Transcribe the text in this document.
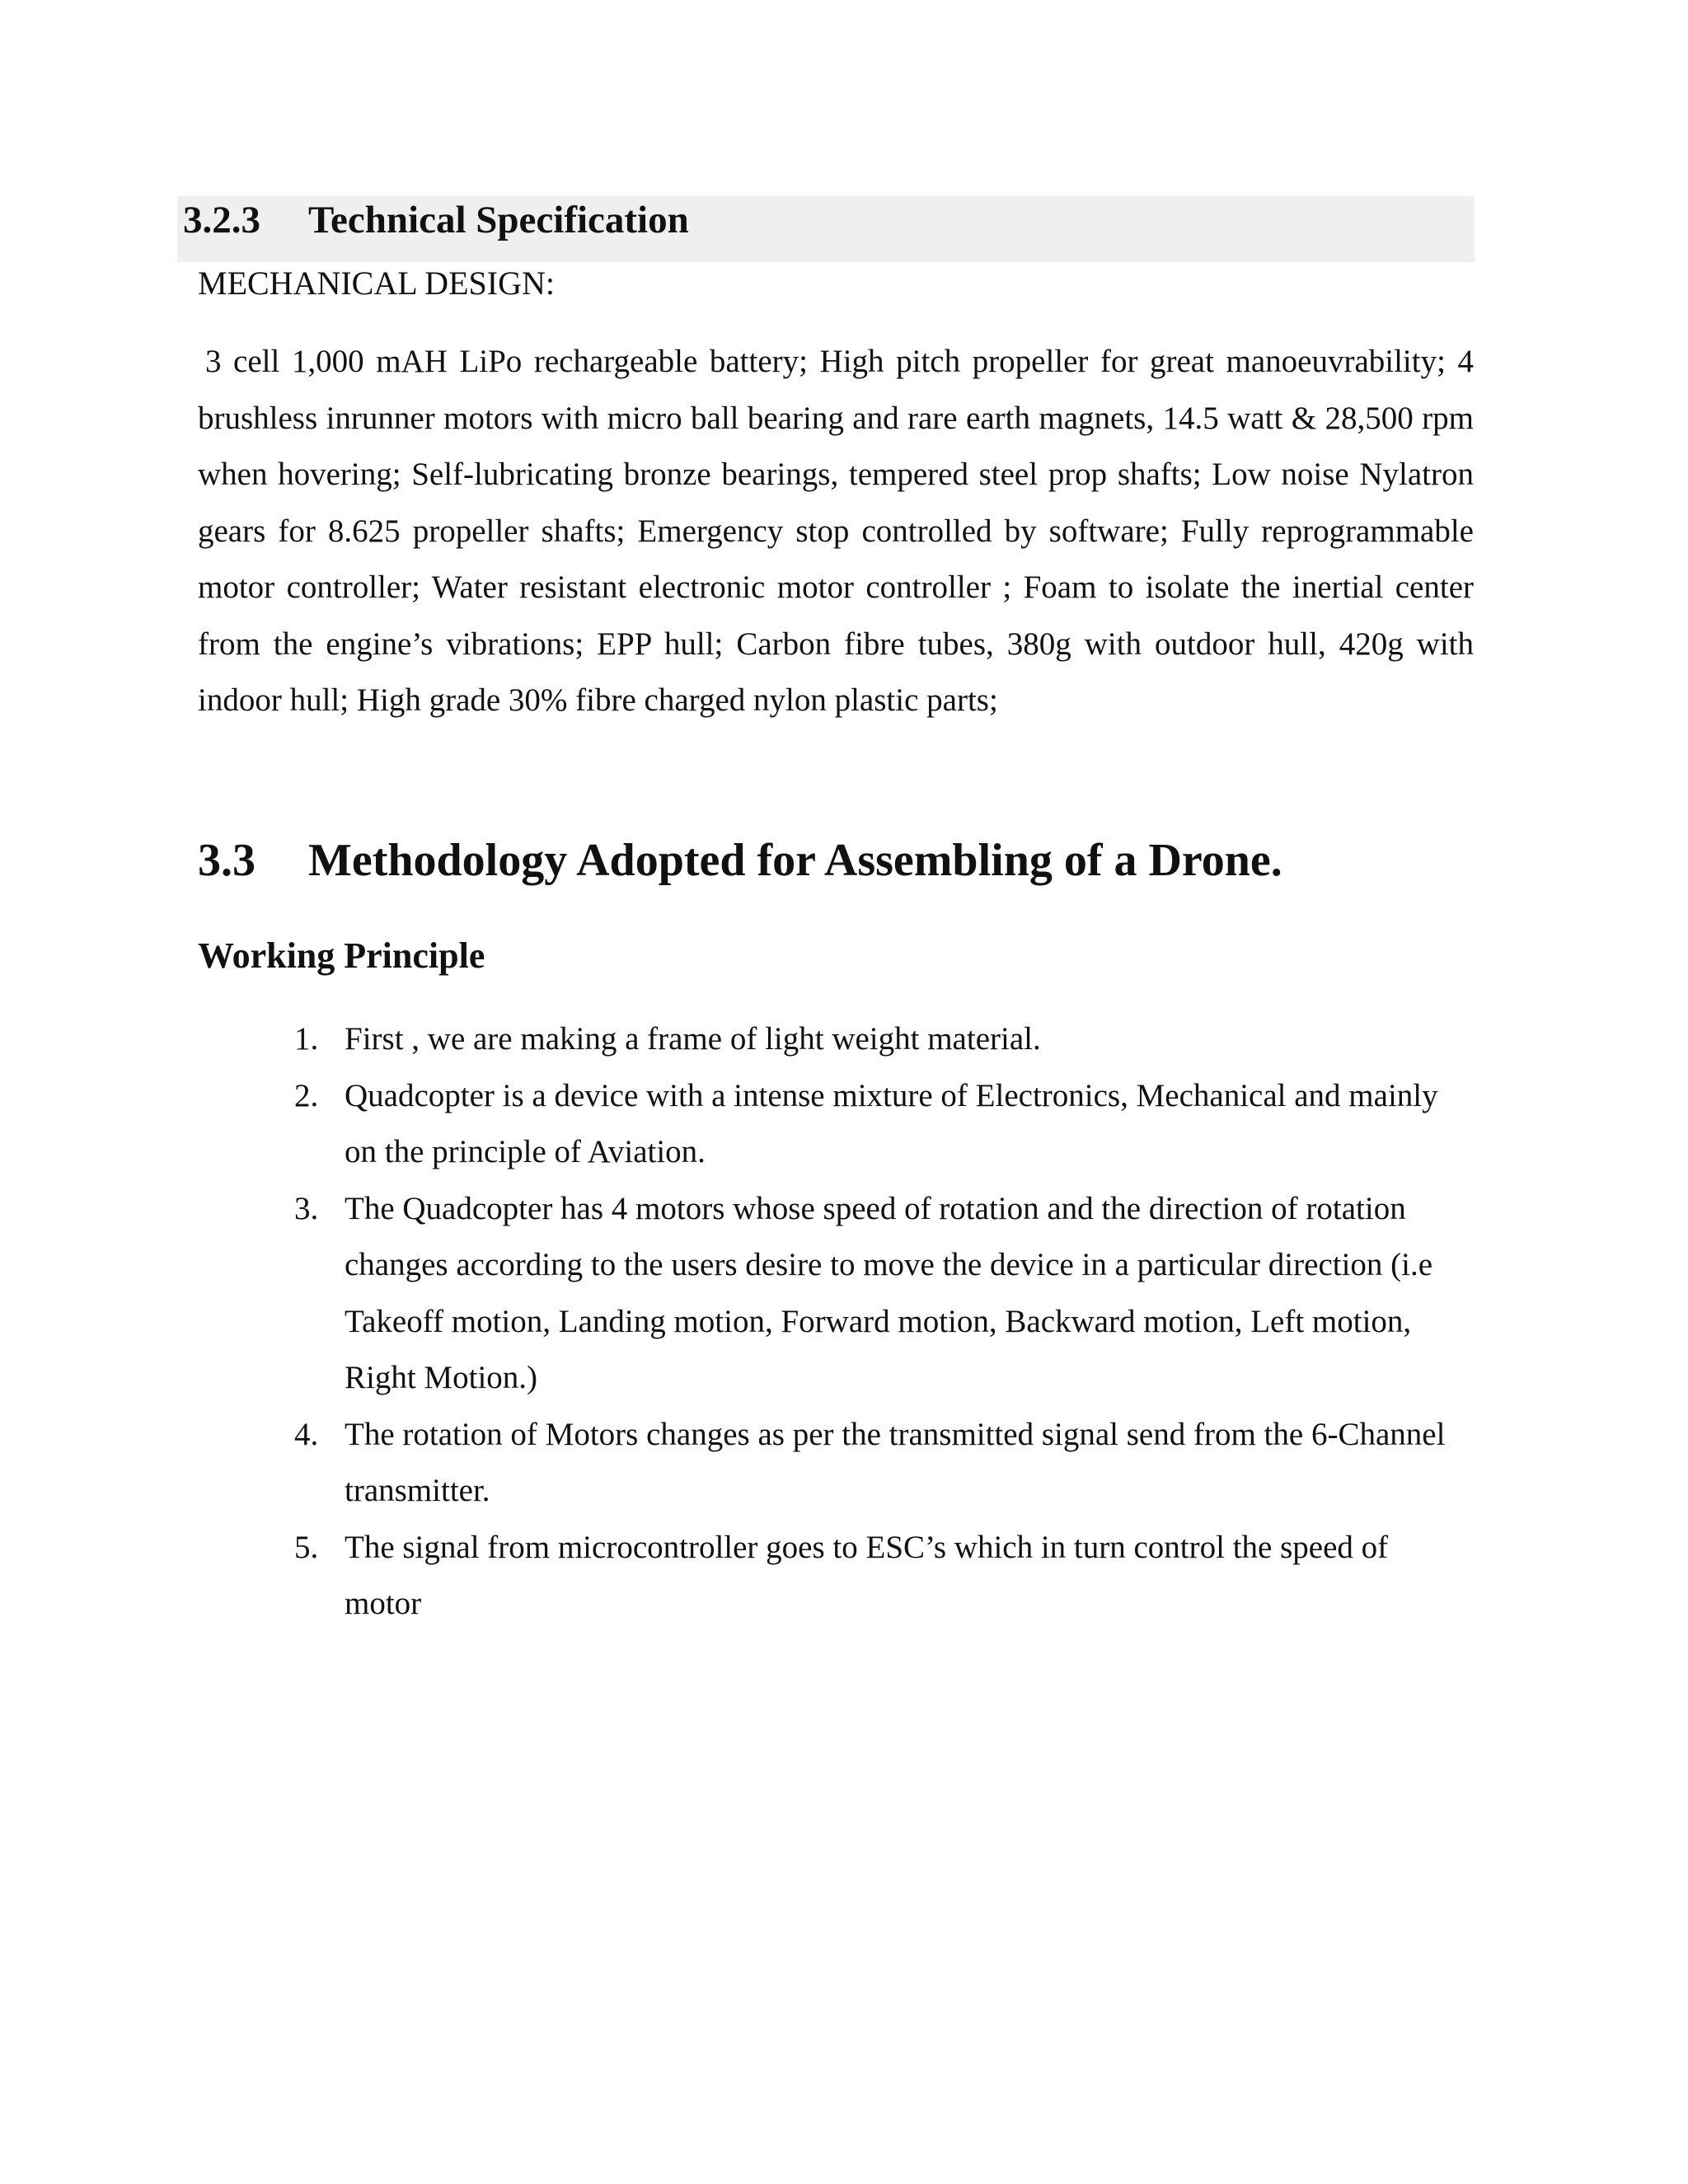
3.2.3 Technical Specification
MECHANICAL DESIGN:

3 cell 1,000 mAH LiPo rechargeable battery; High pitch propeller for great manoeuvrability; 4 brushless inrunner motors with micro ball bearing and rare earth magnets, 14.5 watt & 28,500 rpm when hovering; Self-lubricating bronze bearings, tempered steel prop shafts; Low noise Nylatron gears for 8.625 propeller shafts; Emergency stop controlled by software; Fully reprogrammable motor controller; Water resistant electronic motor controller ; Foam to isolate the inertial center from the engine’s vibrations; EPP hull; Carbon fibre tubes, 380g with outdoor hull, 420g with indoor hull; High grade 30% fibre charged nylon plastic parts;

3.3 Methodology Adopted for Assembling of a Drone.
Working Principle
1. First , we are making a frame of light weight material.
2. Quadcopter is a device with a intense mixture of Electronics, Mechanical and mainly on the principle of Aviation.
3. The Quadcopter has 4 motors whose speed of rotation and the direction of rotation changes according to the users desire to move the device in a particular direction (i.e Takeoff motion, Landing motion, Forward motion, Backward motion, Left motion, Right Motion.)
4. The rotation of Motors changes as per the transmitted signal send from the 6-Channel transmitter.
5. The signal from microcontroller goes to ESC’s which in turn control the speed of motor
